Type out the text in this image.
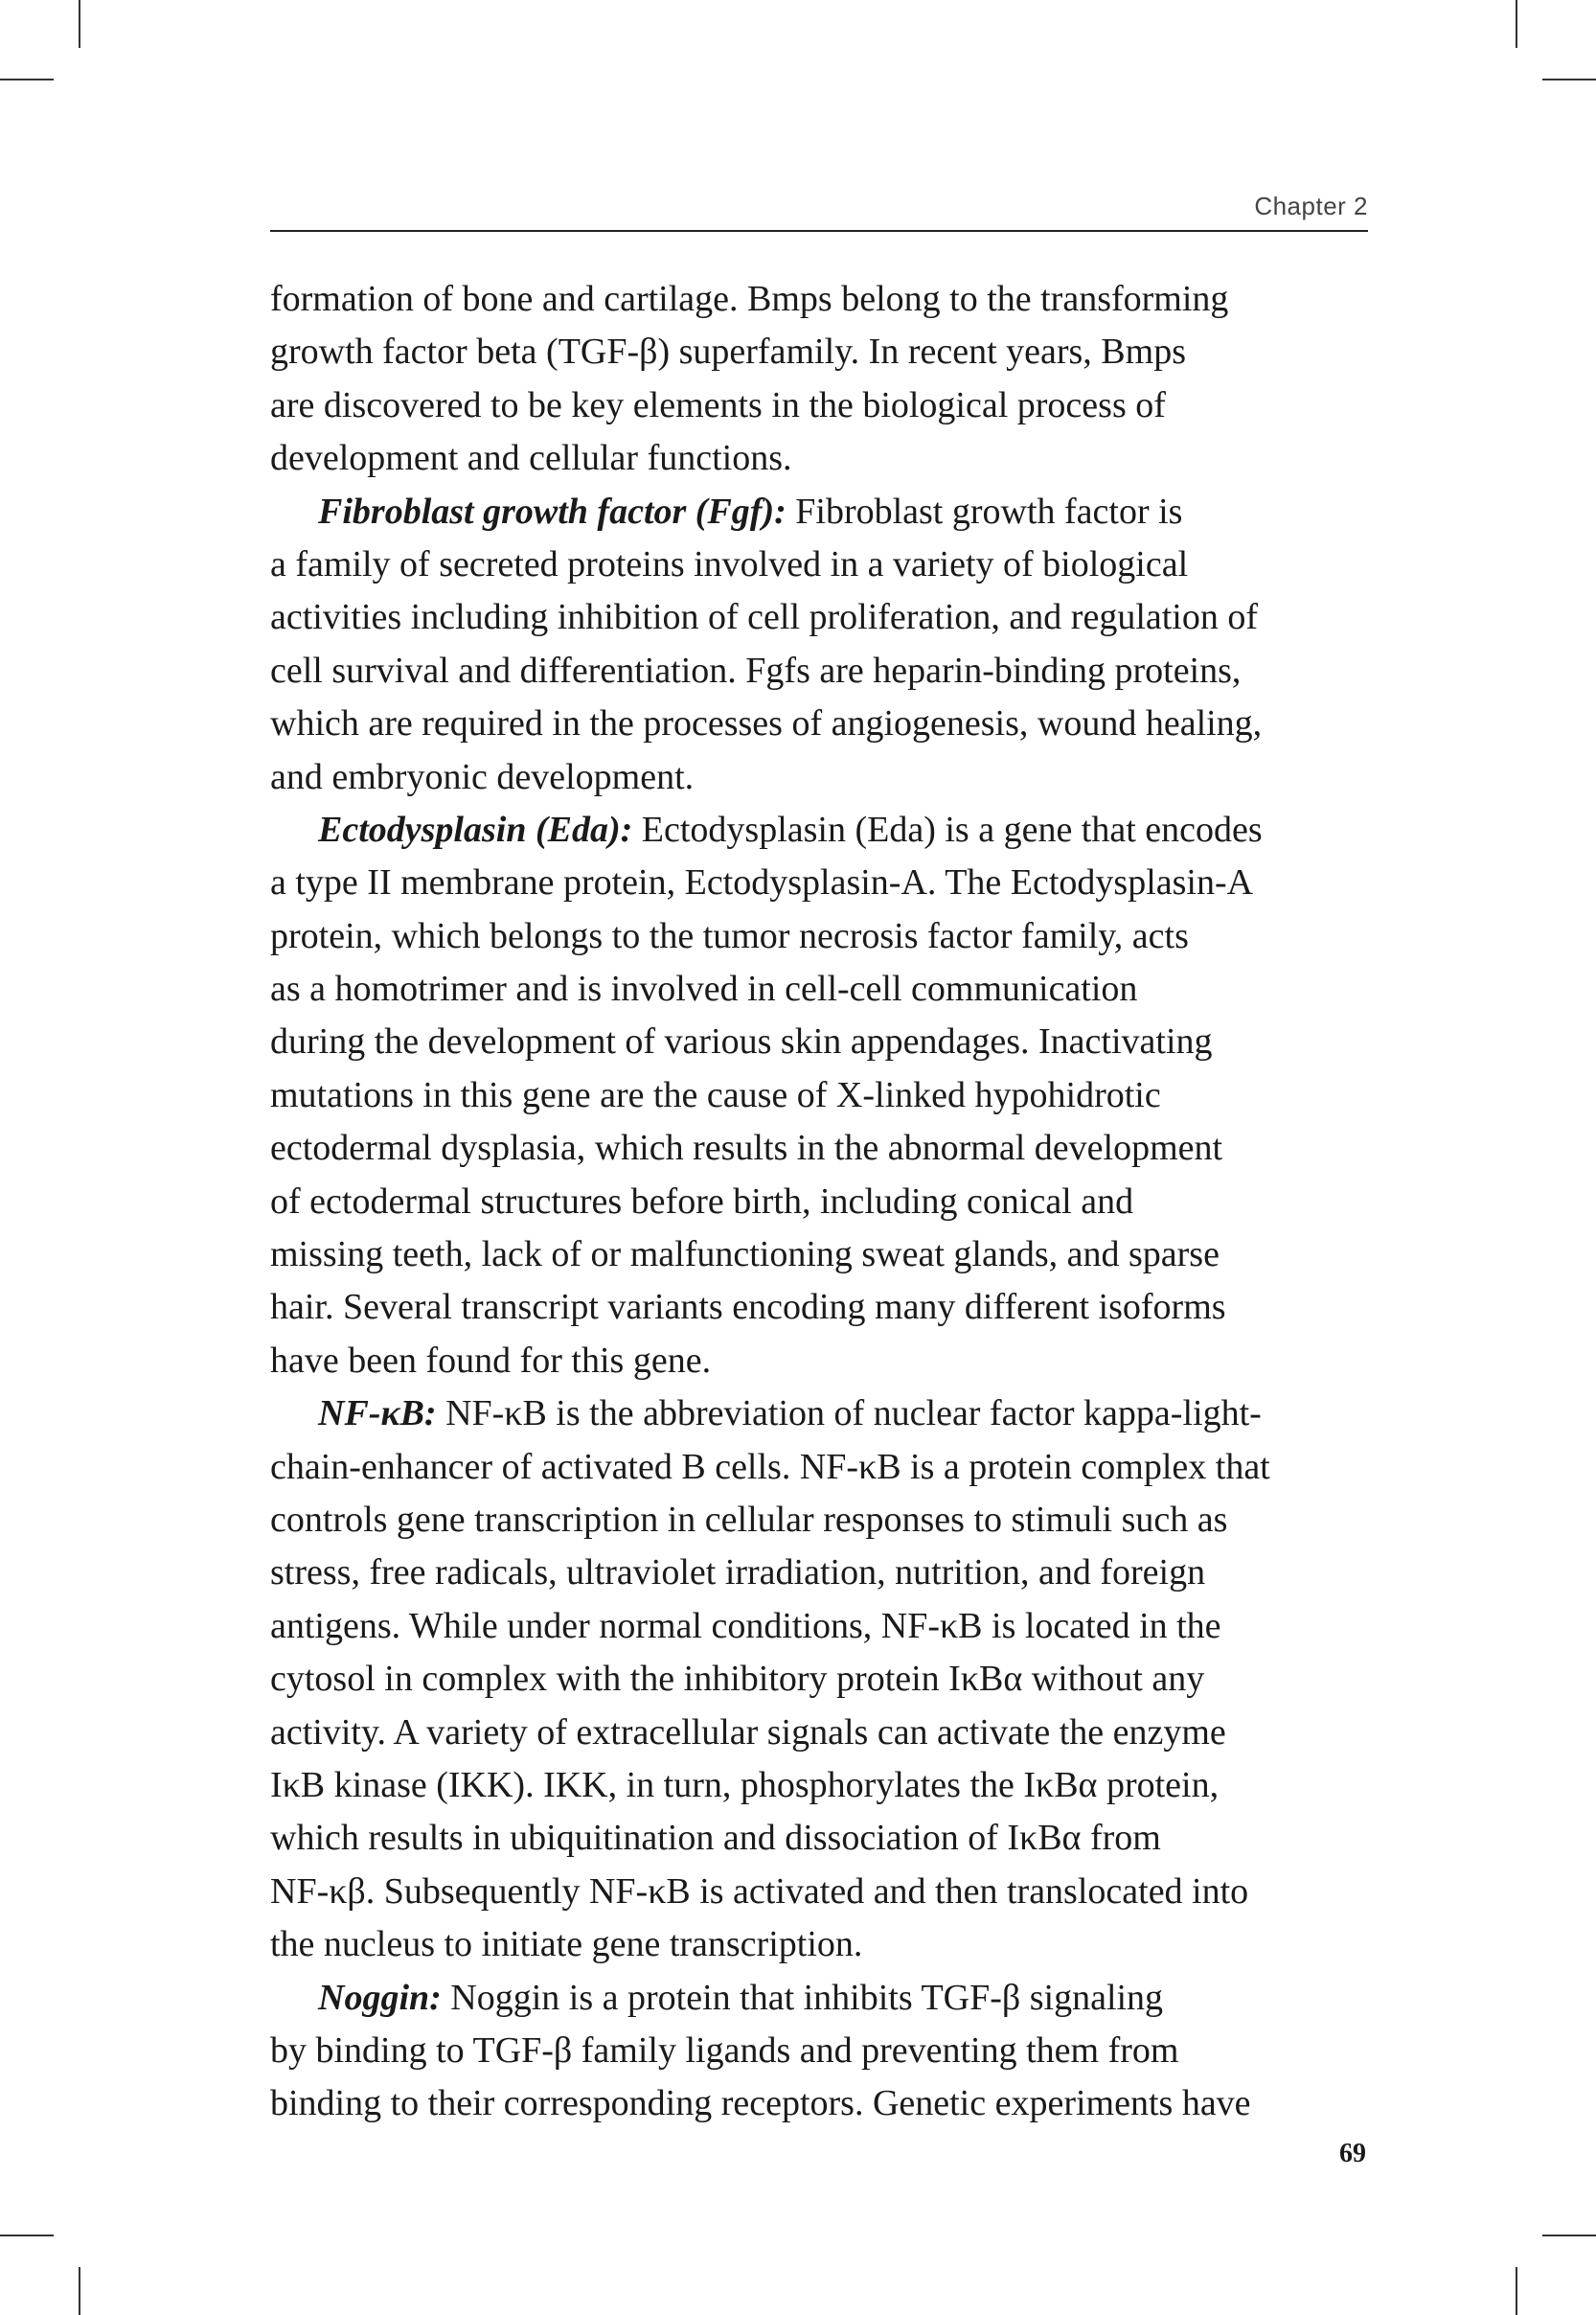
Chapter 2
formation of bone and cartilage. Bmps belong to the transforming
growth factor beta (TGF-β) superfamily. In recent years, Bmps
are discovered to be key elements in the biological process of
development and cellular functions.
Fibroblast growth factor (Fgf): Fibroblast growth factor is
a family of secreted proteins involved in a variety of biological
activities including inhibition of cell proliferation, and regulation of
cell survival and differentiation. Fgfs are heparin-binding proteins,
which are required in the processes of angiogenesis, wound healing,
and embryonic development.
Ectodysplasin (Eda): Ectodysplasin (Eda) is a gene that encodes
a type II membrane protein, Ectodysplasin-A. The Ectodysplasin-A
protein, which belongs to the tumor necrosis factor family, acts
as a homotrimer and is involved in cell-cell communication
during the development of various skin appendages. Inactivating
mutations in this gene are the cause of X-linked hypohidrotic
ectodermal dysplasia, which results in the abnormal development
of ectodermal structures before birth, including conical and
missing teeth, lack of or malfunctioning sweat glands, and sparse
hair. Several transcript variants encoding many different isoforms
have been found for this gene.
NF-κB: NF-κB is the abbreviation of nuclear factor kappa-light-
chain-enhancer of activated B cells. NF-κB is a protein complex that
controls gene transcription in cellular responses to stimuli such as
stress, free radicals, ultraviolet irradiation, nutrition, and foreign
antigens. While under normal conditions, NF-κB is located in the
cytosol in complex with the inhibitory protein IκBα without any
activity. A variety of extracellular signals can activate the enzyme
IκB kinase (IKK). IKK, in turn, phosphorylates the IκBα protein,
which results in ubiquitination and dissociation of IκBα from
NF-κβ. Subsequently NF-κB is activated and then translocated into
the nucleus to initiate gene transcription.
Noggin: Noggin is a protein that inhibits TGF-β signaling
by binding to TGF-β family ligands and preventing them from
binding to their corresponding receptors. Genetic experiments have
69
